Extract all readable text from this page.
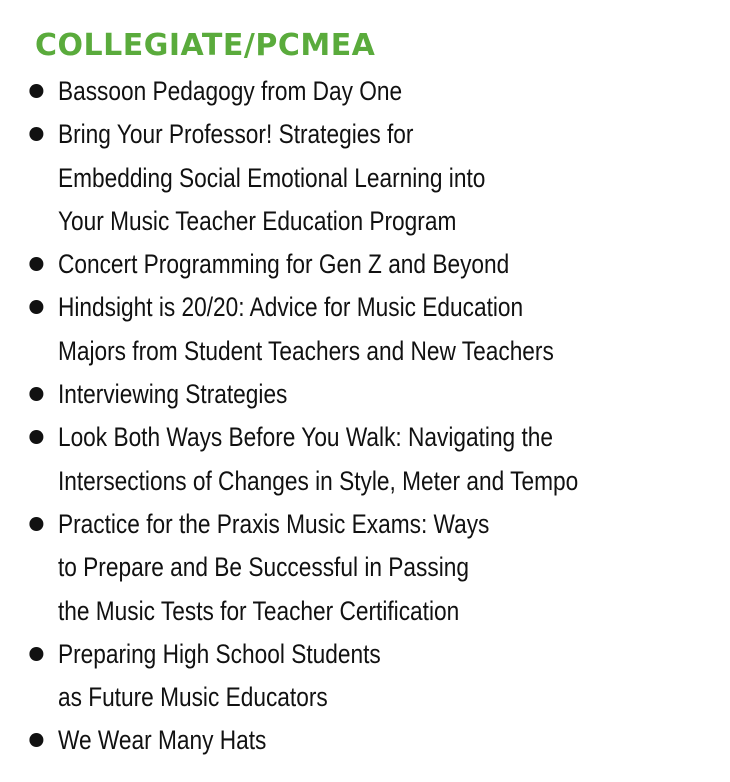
COLLEGIATE/PCMEA
Bassoon Pedagogy from Day One
Bring Your Professor! Strategies for
Embedding Social Emotional Learning into
Your Music Teacher Education Program
Concert Programming for Gen Z and Beyond
Hindsight is 20/20: Advice for Music Education
Majors from Student Teachers and New Teachers
Interviewing Strategies
Look Both Ways Before You Walk: Navigating the
Intersections of Changes in Style, Meter and Tempo
Practice for the Praxis Music Exams: Ways
to Prepare and Be Successful in Passing
the Music Tests for Teacher Certification
Preparing High School Students
as Future Music Educators
We Wear Many Hats
